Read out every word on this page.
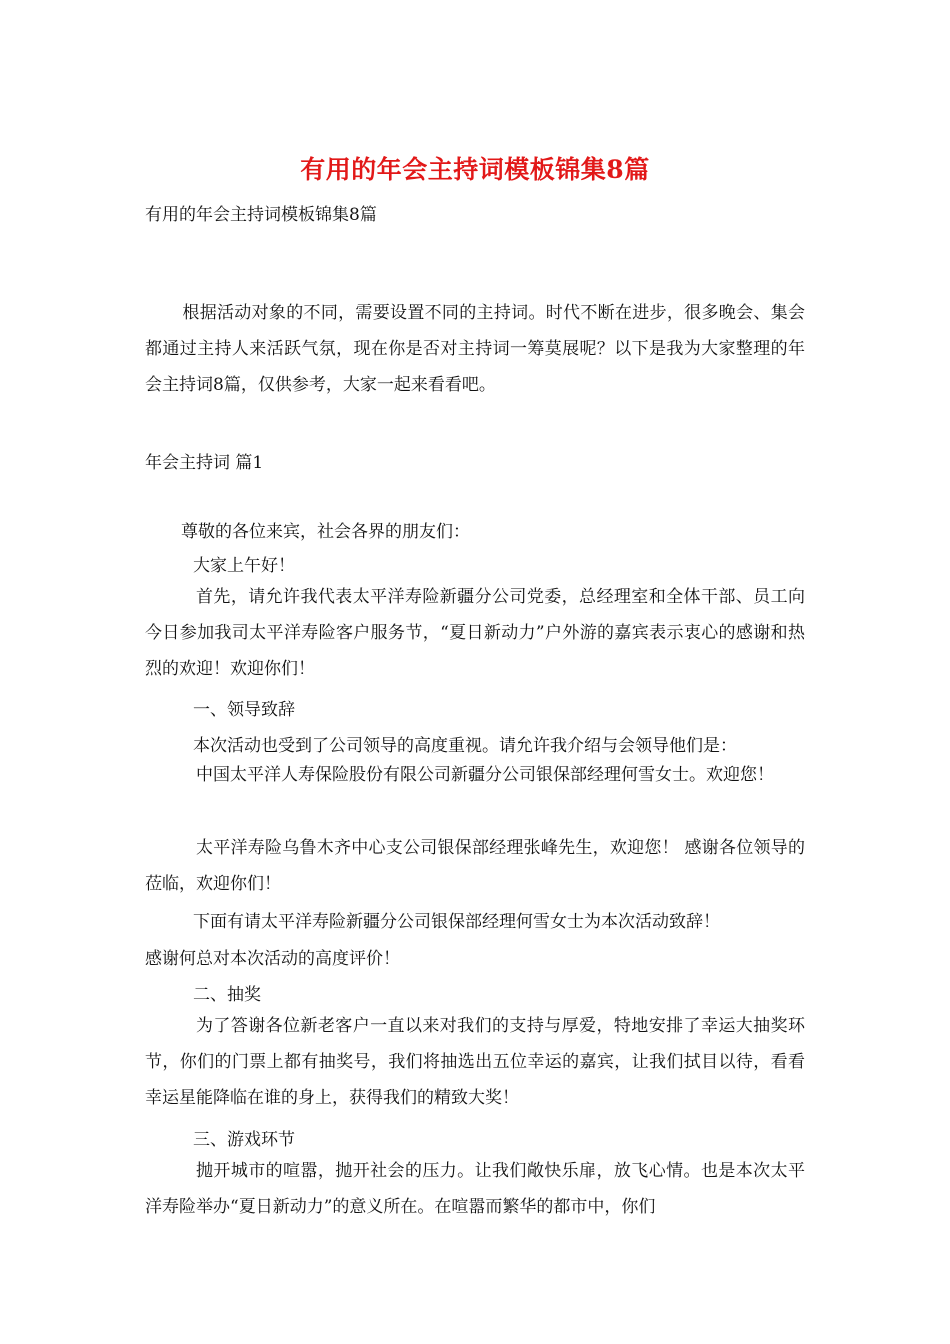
有用的年会主持词模板锦集8篇
有用的年会主持词模板锦集8篇
根据活动对象的不同，需要设置不同的主持词。时代不断在进步，很多晚会、集会都通过主持人来活跃气氛，现在你是否对主持词一筹莫展呢？以下是我为大家整理的年会主持词8篇，仅供参考，大家一起来看看吧。
年会主持词 篇1
尊敬的各位来宾，社会各界的朋友们：
大家上午好！
首先，请允许我代表太平洋寿险新疆分公司党委，总经理室和全体干部、员工向今日参加我司太平洋寿险客户服务节，“夏日新动力”户外游的嘉宾表示衷心的感谢和热烈的欢迎！欢迎你们！
一、领导致辞
本次活动也受到了公司领导的高度重视。请允许我介绍与会领导他们是：
中国太平洋人寿保险股份有限公司新疆分公司银保部经理何雪女士。欢迎您！
太平洋寿险乌鲁木齐中心支公司银保部经理张峰先生，欢迎您！ 感谢各位领导的莅临，欢迎你们！
下面有请太平洋寿险新疆分公司银保部经理何雪女士为本次活动致辞！
感谢何总对本次活动的高度评价！
二、抽奖
为了答谢各位新老客户一直以来对我们的支持与厚爱，特地安排了幸运大抽奖环节，你们的门票上都有抽奖号，我们将抽选出五位幸运的嘉宾，让我们拭目以待，看看幸运星能降临在谁的身上，获得我们的精致大奖！
三、游戏环节
抛开城市的喧嚣，抛开社会的压力。让我们敞快乐扉，放飞心情。也是本次太平洋寿险举办“夏日新动力”的意义所在。在喧嚣而繁华的都市中，你们
